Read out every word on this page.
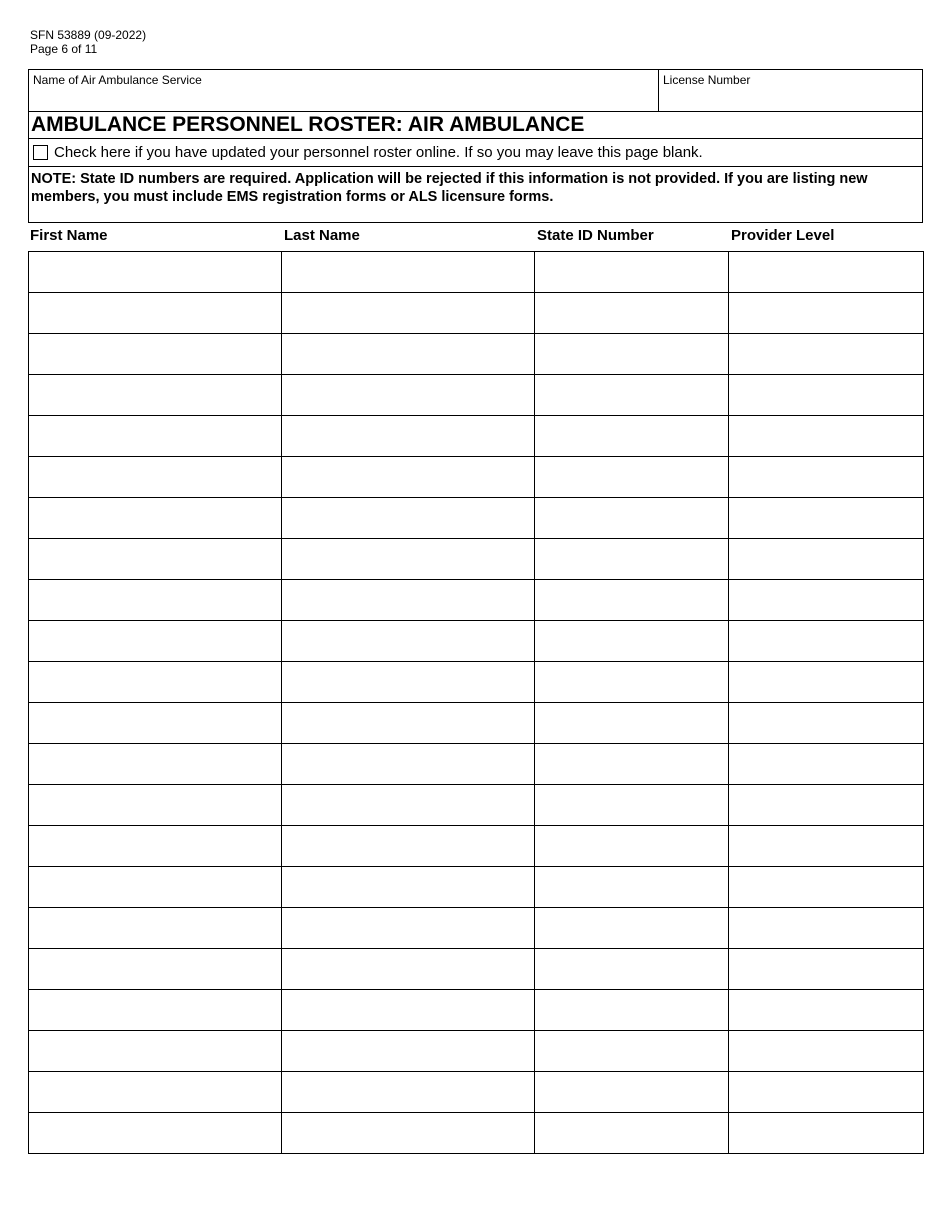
SFN 53889 (09-2022)
Page 6 of 11
Name of Air Ambulance Service	License Number
AMBULANCE PERSONNEL ROSTER: AIR AMBULANCE
Check here if you have updated your personnel roster online. If so you may leave this page blank.
NOTE: State ID numbers are required. Application will be rejected if this information is not provided. If you are listing new members, you must include EMS registration forms or ALS licensure forms.
First Name	Last Name	State ID Number	Provider Level
